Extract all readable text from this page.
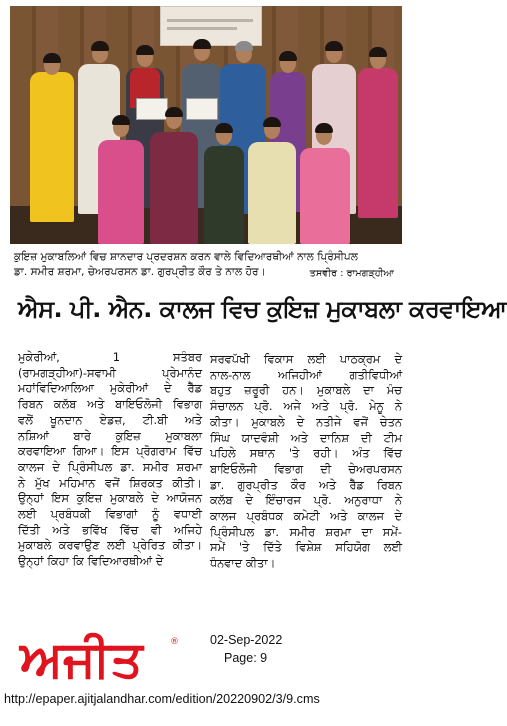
ਕੁਇਜ਼ ਮੁਕਾਬਲਿਆਂ ਵਿਚ ਸ਼ਾਨਦਾਰ ਪ੍ਰਦਰਸ਼ਨ ਕਰਨ ਵਾਲੇ ਵਿਦਿਆਰਥੀਆਂ ਨਾਲ ਪ੍ਰਿੰਸੀਪਲ
ਡਾ. ਸਮੀਰ ਸ਼ਰਮਾ, ਚੇਅਰਪਰਸਨ ਡਾ. ਗੁਰਪ੍ਰੀਤ ਕੌਰ ਤੇ ਨਾਲ ਹੋਰ।	ਤਸਵੀਰ : ਰਾਮਗੜ੍ਹੀਆ
ਐਸ. ਪੀ. ਐਨ. ਕਾਲਜ ਵਿਚ ਕੁਇਜ਼ ਮੁਕਾਬਲਾ ਕਰਵਾਇਆ
ਮੁਕੇਰੀਆਂ, 1 ਸਤੰਬਰ
(ਰਾਮਗੜ੍ਹੀਆ)-ਸਵਾਮੀ ਪ੍ਰੇਮਾਨੰਦ
ਮਹਾਂਵਿਦਿਆਲਿਆ ਮੁਕੇਰੀਆਂ ਦੇ ਰੈੱਡ
ਰਿਬਨ ਕਲੱਬ ਅਤੇ ਬਾਇਓਲੋਜੀ ਵਿਭਾਗ
ਵਲੋਂ ਖੂਨਦਾਨ ਏਡਜ਼, ਟੀ.ਬੀ ਅਤੇ
ਨਸ਼ਿਆਂ ਬਾਰੇ ਕੁਇਜ਼ ਮੁਕਾਬਲਾ
ਕਰਵਾਇਆ ਗਿਆ। ਇਸ ਪ੍ਰੋਗਰਾਮ ਵਿੱਚ
ਕਾਲਜ ਦੇ ਪ੍ਰਿੰਸੀਪਲ ਡਾ. ਸਮੀਰ ਸ਼ਰਮਾ
ਨੇ ਮੁੱਖ ਮਹਿਮਾਨ ਵਜੋਂ ਸ਼ਿਰਕਤ ਕੀਤੀ।
ਉਨ੍ਹਾਂ ਇਸ ਕੁਇਜ਼ ਮੁਕਾਬਲੇ ਦੇ ਆਯੋਜਨ
ਲਈ ਪ੍ਰਬੰਧਕੀ ਵਿਭਾਗਾਂ ਨੂੰ ਵਧਾਈ
ਦਿੱਤੀ ਅਤੇ ਭਵਿੱਖ ਵਿੱਚ ਵੀ ਅਜਿਹੇ
ਮੁਕਾਬਲੇ ਕਰਵਾਉਣ ਲਈ ਪ੍ਰੇਰਿਤ ਕੀਤਾ।
ਉਨ੍ਹਾਂ ਕਿਹਾ ਕਿ ਵਿਦਿਆਰਥੀਆਂ ਦੇ
ਸਰਵਪੱਖੀ ਵਿਕਾਸ ਲਈ ਪਾਠਕ੍ਰਮ ਦੇ
ਨਾਲ-ਨਾਲ ਅਜਿਹੀਆਂ ਗਤੀਵਿਧੀਆਂ
ਬਹੁਤ ਜ਼ਰੂਰੀ ਹਨ। ਮੁਕਾਬਲੇ ਦਾ ਮੰਚ
ਸੰਚਾਲਨ ਪ੍ਰੋ. ਅਜੇ ਅਤੇ ਪ੍ਰੋ. ਮੇਨੂ ਨੇ
ਕੀਤਾ। ਮੁਕਾਬਲੇ ਦੇ ਨਤੀਜੇ ਵਜੋਂ ਚੇਤਨ
ਸਿੰਘ ਯਾਦਵੰਸ਼ੀ ਅਤੇ ਦਾਨਿਸ਼ ਦੀ ਟੀਮ
ਪਹਿਲੇ ਸਥਾਨ 'ਤੇ ਰਹੀ। ਅੰਤ ਵਿੱਚ
ਬਾਇਓਲੋਜੀ ਵਿਭਾਗ ਦੀ ਚੇਅਰਪਰਸਨ
ਡਾ. ਗੁਰਪ੍ਰੀਤ ਕੌਰ ਅਤੇ ਰੈੱਡ ਰਿਬਨ
ਕਲੱਬ ਦੇ ਇੰਚਾਰਜ ਪ੍ਰੋ. ਅਨੁਰਾਧਾ ਨੇ
ਕਾਲਜ ਪ੍ਰਬੰਧਕ ਕਮੇਟੀ ਅਤੇ ਕਾਲਜ ਦੇ
ਪ੍ਰਿੰਸੀਪਲ ਡਾ. ਸਮੀਰ ਸ਼ਰਮਾ ਦਾ ਸਮੇਂ-
ਸਮੇਂ 'ਤੇ ਦਿੱਤੇ ਵਿਸ਼ੇਸ਼ ਸਹਿਯੋਗ ਲਈ
ਧੰਨਵਾਦ ਕੀਤਾ।
ਅਜੀਤ	® 02-Sep-2022
Page: 9
http://epaper.ajitjalandhar.com/edition/20220902/3/9.cms
